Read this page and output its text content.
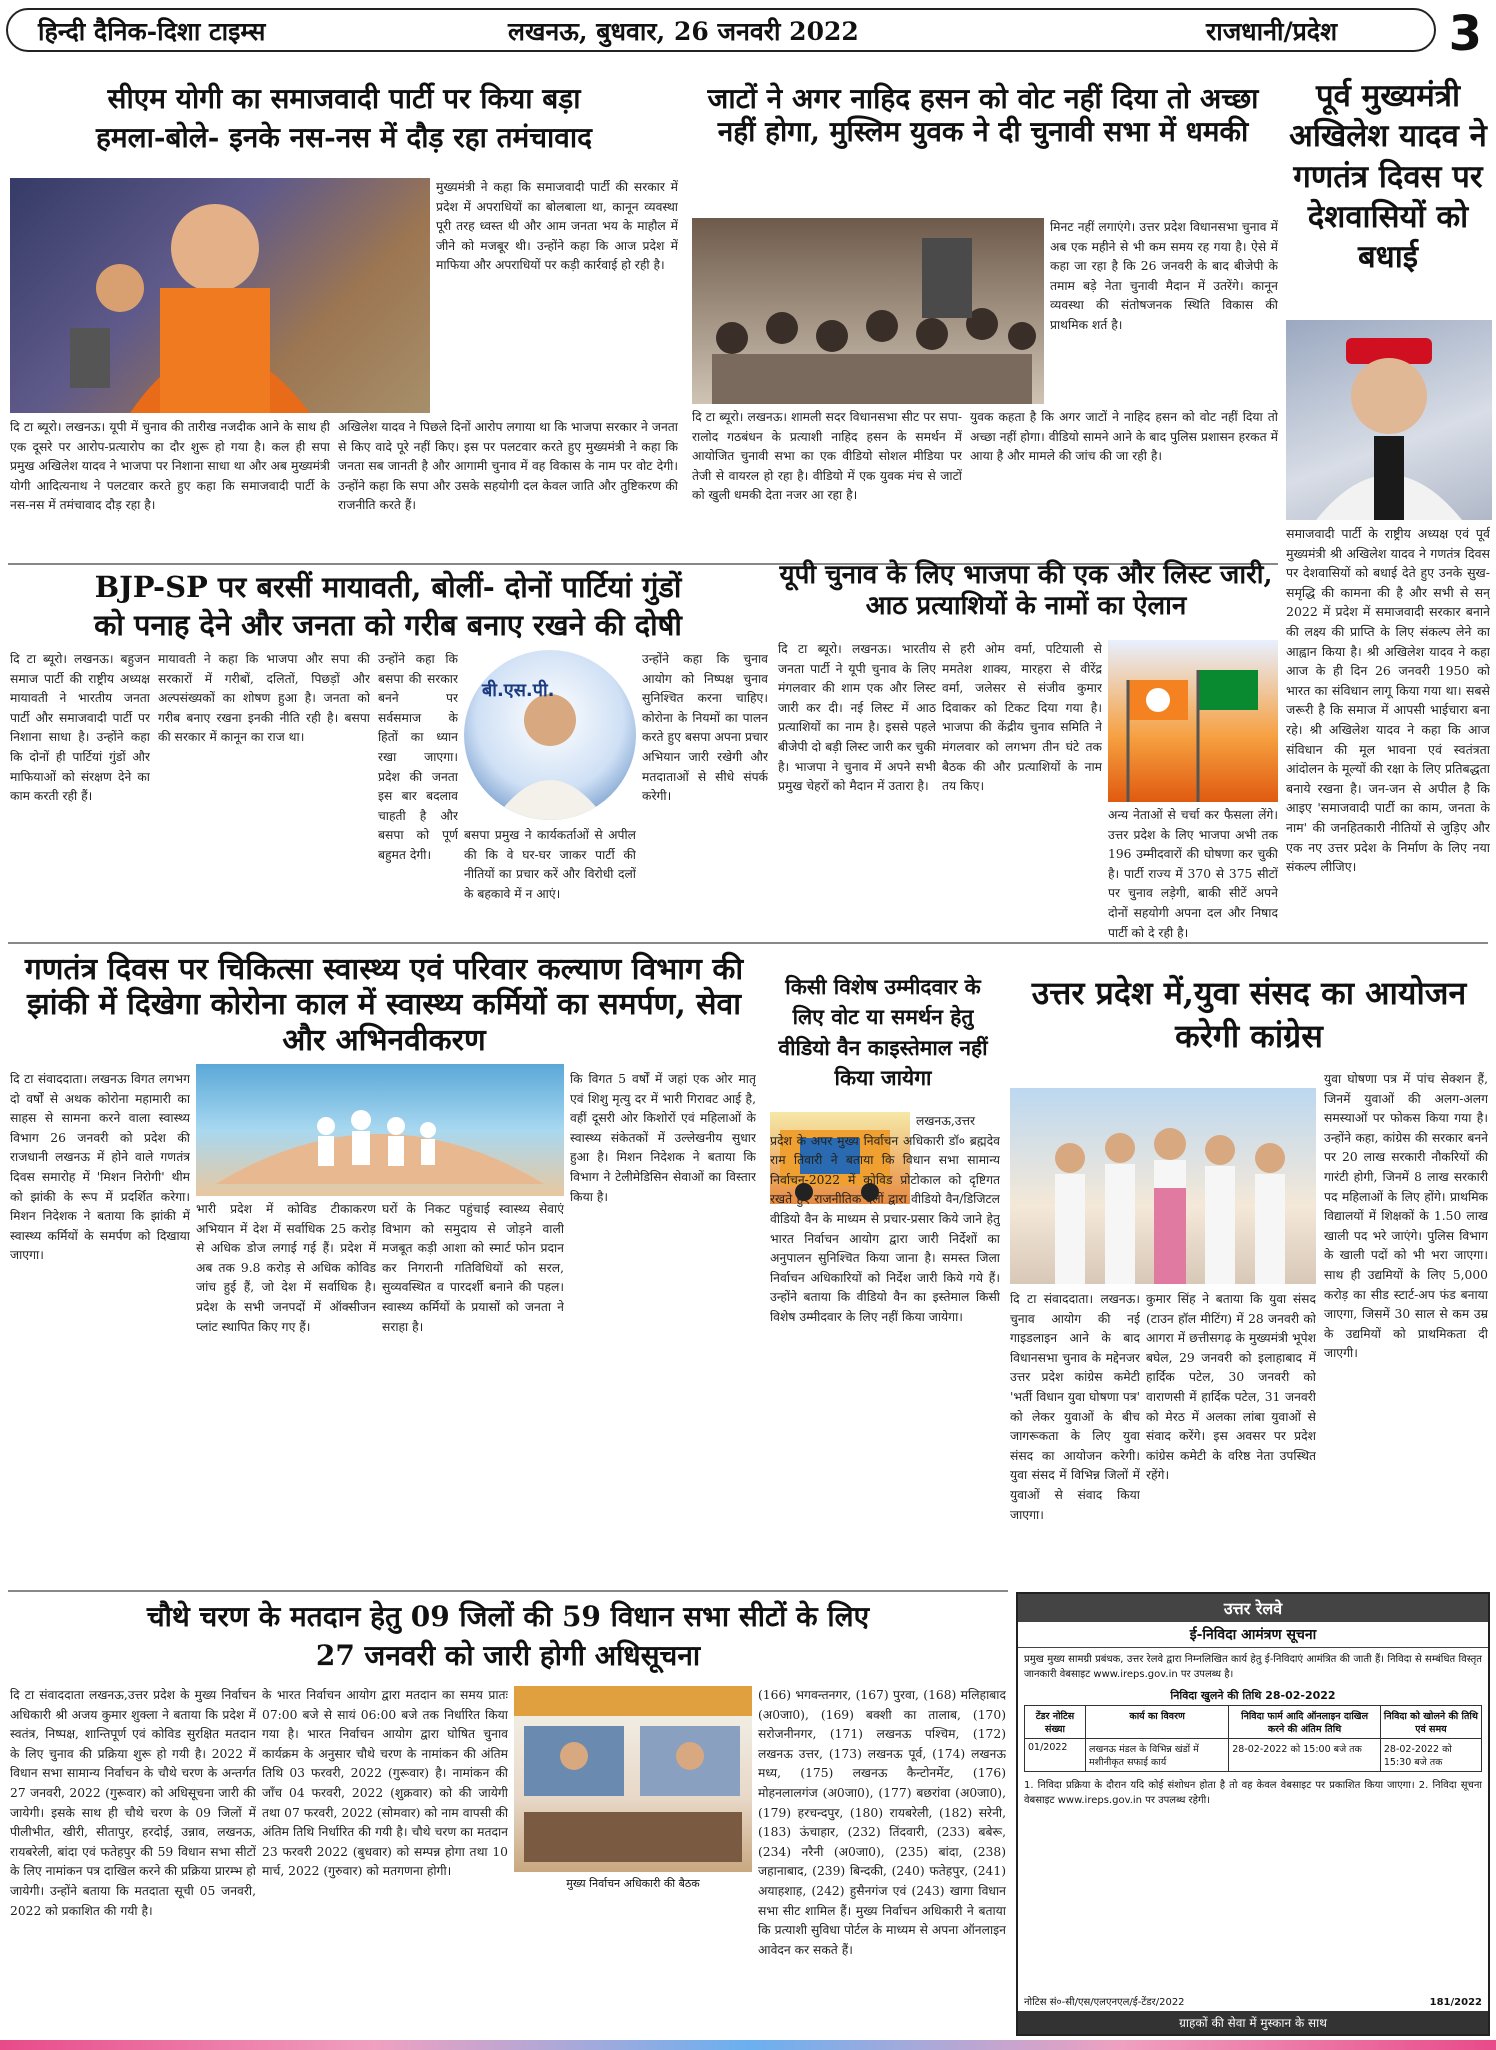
हिन्दी दैनिक-दिशा टाइम्स	लखनऊ, बुधवार, 26 जनवरी 2022	राजधानी/प्रदेश 3
सीएम योगी का समाजवादी पार्टी पर किया बड़ा
हमला-बोले- इनके नस-नस में दौड़ रहा तमंचावाद
मुख्यमंत्री ने कहा कि समाजवादी पार्टी की सरकार में प्रदेश में अपराधियों का बोलबाला था, कानून व्यवस्था पूरी तरह ध्वस्त थी और आम जनता भय के माहौल में जीने को मजबूर थी। उन्होंने कहा कि आज प्रदेश में माफिया और अपराधियों पर कड़ी कार्रवाई हो रही है।
दि टा ब्यूरो। लखनऊ। यूपी में चुनाव की तारीख नजदीक आने के साथ ही एक दूसरे पर आरोप-प्रत्यारोप का दौर शुरू हो गया है। कल ही सपा प्रमुख अखिलेश यादव ने भाजपा पर निशाना साधा था और अब मुख्यमंत्री योगी आदित्यनाथ ने पलटवार करते हुए कहा कि समाजवादी पार्टी के नस-नस में तमंचावाद दौड़ रहा है।
अखिलेश यादव ने पिछले दिनों आरोप लगाया था कि भाजपा सरकार ने जनता से किए वादे पूरे नहीं किए। इस पर पलटवार करते हुए मुख्यमंत्री ने कहा कि जनता सब जानती है और आगामी चुनाव में वह विकास के नाम पर वोट देगी। उन्होंने कहा कि सपा और उसके सहयोगी दल केवल जाति और तुष्टिकरण की राजनीति करते हैं।
जाटों ने अगर नाहिद हसन को वोट नहीं दिया तो अच्छा नहीं होगा, मुस्लिम युवक ने दी चुनावी सभा में धमकी
मिनट नहीं लगाएंगे। उत्तर प्रदेश विधानसभा चुनाव में अब एक महीने से भी कम समय रह गया है। ऐसे में कहा जा रहा है कि 26 जनवरी के बाद बीजेपी के तमाम बड़े नेता चुनावी मैदान में उतरेंगे। कानून व्यवस्था की संतोषजनक स्थिति विकास की प्राथमिक शर्त है।
दि टा ब्यूरो। लखनऊ। शामली सदर विधानसभा सीट पर सपा-रालोद गठबंधन के प्रत्याशी नाहिद हसन के समर्थन में आयोजित चुनावी सभा का एक वीडियो सोशल मीडिया पर तेजी से वायरल हो रहा है। वीडियो में एक युवक मंच से जाटों को खुली धमकी देता नजर आ रहा है।
युवक कहता है कि अगर जाटों ने नाहिद हसन को वोट नहीं दिया तो अच्छा नहीं होगा। वीडियो सामने आने के बाद पुलिस प्रशासन हरकत में आया है और मामले की जांच की जा रही है।
पूर्व मुख्यमंत्री अखिलेश यादव ने गणतंत्र दिवस पर देशवासियों को बधाई
समाजवादी पार्टी के राष्ट्रीय अध्यक्ष एवं पूर्व मुख्यमंत्री श्री अखिलेश यादव ने गणतंत्र दिवस पर देशवासियों को बधाई देते हुए उनके सुख-समृद्धि की कामना की है और सभी से सन् 2022 में प्रदेश में समाजवादी सरकार बनाने की लक्ष्य की प्राप्ति के लिए संकल्प लेने का आह्वान किया है। श्री अखिलेश यादव ने कहा आज के ही दिन 26 जनवरी 1950 को भारत का संविधान लागू किया गया था। सबसे जरूरी है कि समाज में आपसी भाईचारा बना रहे। श्री अखिलेश यादव ने कहा कि आज संविधान की मूल भावना एवं स्वतंत्रता आंदोलन के मूल्यों की रक्षा के लिए प्रतिबद्धता बनाये रखना है। जन-जन से अपील है कि आइए 'समाजवादी पार्टी का काम, जनता के नाम' की जनहितकारी नीतियों से जुड़िए और एक नए उत्तर प्रदेश के निर्माण के लिए नया संकल्प लीजिए।
BJP-SP पर बरसीं मायावती, बोलीं- दोनों पार्टियां गुंडों
को पनाह देने और जनता को गरीब बनाए रखने की दोषी
दि टा ब्यूरो। लखनऊ। बहुजन समाज पार्टी की राष्ट्रीय अध्यक्ष मायावती ने भारतीय जनता पार्टी और समाजवादी पार्टी पर निशाना साधा है। उन्होंने कहा कि दोनों ही पार्टियां गुंडों और माफियाओं को संरक्षण देने का काम करती रही हैं।
मायावती ने कहा कि भाजपा और सपा की सरकारों में गरीबों, दलितों, पिछड़ों और अल्पसंख्यकों का शोषण हुआ है। जनता को गरीब बनाए रखना इनकी नीति रही है। बसपा की सरकार में कानून का राज था।
उन्होंने कहा कि बसपा की सरकार बनने पर सर्वसमाज के हितों का ध्यान रखा जाएगा। प्रदेश की जनता इस बार बदलाव चाहती है और बसपा को पूर्ण बहुमत देगी।
बी.एस.पी.
बसपा प्रमुख ने कार्यकर्ताओं से अपील की कि वे घर-घर जाकर पार्टी की नीतियों का प्रचार करें और विरोधी दलों के बहकावे में न आएं।
उन्होंने कहा कि चुनाव आयोग को निष्पक्ष चुनाव सुनिश्चित करना चाहिए। कोरोना के नियमों का पालन करते हुए बसपा अपना प्रचार अभियान जारी रखेगी और मतदाताओं से सीधे संपर्क करेगी।
यूपी चुनाव के लिए भाजपा की एक और लिस्ट जारी, आठ प्रत्याशियों के नामों का ऐलान
दि टा ब्यूरो। लखनऊ। भारतीय जनता पार्टी ने यूपी चुनाव के लिए मंगलवार की शाम एक और लिस्ट जारी कर दी। नई लिस्ट में आठ प्रत्याशियों का नाम है। इससे पहले बीजेपी दो बड़ी लिस्ट जारी कर चुकी है। भाजपा ने चुनाव में अपने सभी प्रमुख चेहरों को मैदान में उतारा है।
से हरी ओम वर्मा, पटियाली से ममतेश शाक्य, मारहरा से वीरेंद्र वर्मा, जलेसर से संजीव कुमार दिवाकर को टिकट दिया गया है। भाजपा की केंद्रीय चुनाव समिति ने मंगलवार को लगभग तीन घंटे तक बैठक की और प्रत्याशियों के नाम तय किए।
अन्य नेताओं से चर्चा कर फैसला लेंगे। उत्तर प्रदेश के लिए भाजपा अभी तक 196 उम्मीदवारों की घोषणा कर चुकी है। पार्टी राज्य में 370 से 375 सीटों पर चुनाव लड़ेगी, बाकी सीटें अपने दोनों सहयोगी अपना दल और निषाद पार्टी को दे रही है।
गणतंत्र दिवस पर चिकित्सा स्वास्थ्य एवं परिवार कल्याण विभाग की झांकी में दिखेगा कोरोना काल में स्वास्थ्य कर्मियों का समर्पण, सेवा और अभिनवीकरण
दि टा संवाददाता। लखनऊ विगत लगभग दो वर्षों से अथक कोरोना महामारी का साहस से सामना करने वाला स्वास्थ्य विभाग 26 जनवरी को प्रदेश की राजधानी लखनऊ में होने वाले गणतंत्र दिवस समारोह में 'मिशन निरोगी' थीम को झांकी के रूप में प्रदर्शित करेगा। मिशन निदेशक ने बताया कि झांकी में स्वास्थ्य कर्मियों के समर्पण को दिखाया जाएगा।
भारी प्रदेश में कोविड टीकाकरण अभियान में देश में सर्वाधिक 25 करोड़ से अधिक डोज लगाई गई हैं। प्रदेश में अब तक 9.8 करोड़ से अधिक कोविड जांच हुई हैं, जो देश में सर्वाधिक है। प्रदेश के सभी जनपदों में ऑक्सीजन प्लांट स्थापित किए गए हैं।
घरों के निकट पहुंचाई स्वास्थ्य सेवाएं विभाग को समुदाय से जोड़ने वाली मजबूत कड़ी आशा को स्मार्ट फोन प्रदान कर निगरानी गतिविधियों को सरल, सुव्यवस्थित व पारदर्शी बनाने की पहल। स्वास्थ्य कर्मियों के प्रयासों को जनता ने सराहा है।
कि विगत 5 वर्षों में जहां एक ओर मातृ एवं शिशु मृत्यु दर में भारी गिरावट आई है, वहीं दूसरी ओर किशोरों एवं महिलाओं के स्वास्थ्य संकेतकों में उल्लेखनीय सुधार हुआ है। मिशन निदेशक ने बताया कि विभाग ने टेलीमेडिसिन सेवाओं का विस्तार किया है।
किसी विशेष उम्मीदवार के लिए वोट या समर्थन हेतु वीडियो वैन काइस्तेमाल नहीं किया जायेगा
लखनऊ,उत्तर प्रदेश के अपर मुख्य निर्वाचन अधिकारी डॉ० ब्रह्मदेव राम तिवारी ने बताया कि विधान सभा सामान्य निर्वाचन-2022 में कोविड प्रोटोकाल को दृष्टिगत रखते हुए राजनीतिक दलों द्वारा वीडियो वैन/डिजिटल वीडियो वैन के माध्यम से प्रचार-प्रसार किये जाने हेतु भारत निर्वाचन आयोग द्वारा जारी निर्देशों का अनुपालन सुनिश्चित किया जाना है। समस्त जिला निर्वाचन अधिकारियों को निर्देश जारी किये गये हैं। उन्होंने बताया कि वीडियो वैन का इस्तेमाल किसी विशेष उम्मीदवार के लिए नहीं किया जायेगा।
उत्तर प्रदेश में,युवा संसद का आयोजन करेगी कांग्रेस
युवा घोषणा पत्र में पांच सेक्शन हैं, जिनमें युवाओं की अलग-अलग समस्याओं पर फोकस किया गया है। उन्होंने कहा, कांग्रेस की सरकार बनने पर 20 लाख सरकारी नौकरियों की गारंटी होगी, जिनमें 8 लाख सरकारी पद महिलाओं के लिए होंगे। प्राथमिक विद्यालयों में शिक्षकों के 1.50 लाख खाली पद भरे जाएंगे। पुलिस विभाग के खाली पदों को भी भरा जाएगा। साथ ही उद्यमियों के लिए 5,000 करोड़ का सीड स्टार्ट-अप फंड बनाया जाएगा, जिसमें 30 साल से कम उम्र के उद्यमियों को प्राथमिकता दी जाएगी।
दि टा संवाददाता। लखनऊ। चुनाव आयोग की नई गाइडलाइन आने के बाद विधानसभा चुनाव के मद्देनजर उत्तर प्रदेश कांग्रेस कमेटी 'भर्ती विधान युवा घोषणा पत्र' को लेकर युवाओं के बीच जागरूकता के लिए युवा संसद का आयोजन करेगी। युवा संसद में विभिन्न जिलों में युवाओं से संवाद किया जाएगा।
कुमार सिंह ने बताया कि युवा संसद (टाउन हॉल मीटिंग) में 28 जनवरी को आगरा में छत्तीसगढ़ के मुख्यमंत्री भूपेश बघेल, 29 जनवरी को इलाहाबाद में हार्दिक पटेल, 30 जनवरी को वाराणसी में हार्दिक पटेल, 31 जनवरी को मेरठ में अलका लांबा युवाओं से संवाद करेंगे। इस अवसर पर प्रदेश कांग्रेस कमेटी के वरिष्ठ नेता उपस्थित रहेंगे।
चौथे चरण के मतदान हेतु 09 जिलों की 59 विधान सभा सीटों के लिए
27 जनवरी को जारी होगी अधिसूचना
दि टा संवाददाता लखनऊ,उत्तर प्रदेश के मुख्य निर्वाचन अधिकारी श्री अजय कुमार शुक्ला ने बताया कि प्रदेश में स्वतंत्र, निष्पक्ष, शान्तिपूर्ण एवं कोविड सुरक्षित मतदान के लिए चुनाव की प्रक्रिया शुरू हो गयी है। 2022 में विधान सभा सामान्य निर्वाचन के चौथे चरण के अन्तर्गत 27 जनवरी, 2022 (गुरूवार) को अधिसूचना जारी की जायेगी। इसके साथ ही चौथे चरण के 09 जिलों में पीलीभीत, खीरी, सीतापुर, हरदोई, उन्नाव, लखनऊ, रायबरेली, बांदा एवं फतेहपुर की 59 विधान सभा सीटों के लिए नामांकन पत्र दाखिल करने की प्रक्रिया प्रारम्भ हो जायेगी। उन्होंने बताया कि मतदाता सूची 05 जनवरी, 2022 को प्रकाशित की गयी है।
के भारत निर्वाचन आयोग द्वारा मतदान का समय प्रातः 07:00 बजे से सायं 06:00 बजे तक निर्धारित किया गया है। भारत निर्वाचन आयोग द्वारा घोषित चुनाव कार्यक्रम के अनुसार चौथे चरण के नामांकन की अंतिम तिथि 03 फरवरी, 2022 (गुरूवार) है। नामांकन की जाँच 04 फरवरी, 2022 (शुक्रवार) को की जायेगी तथा 07 फरवरी, 2022 (सोमवार) को नाम वापसी की अंतिम तिथि निर्धारित की गयी है। चौथे चरण का मतदान 23 फरवरी 2022 (बुधवार) को सम्पन्न होगा तथा 10 मार्च, 2022 (गुरुवार) को मतगणना होगी।
मुख्य निर्वाचन अधिकारी की बैठक
(166) भगवन्तनगर, (167) पुरवा, (168) मलिहाबाद (अ0जा0), (169) बक्शी का तालाब, (170) सरोजनीनगर, (171) लखनऊ पश्चिम, (172) लखनऊ उत्तर, (173) लखनऊ पूर्व, (174) लखनऊ मध्य, (175) लखनऊ कैन्टोनमेंट, (176) मोहनलालगंज (अ0जा0), (177) बछरांवा (अ0जा0), (179) हरचन्दपुर, (180) रायबरेली, (182) सरेनी, (183) ऊंचाहार, (232) तिंदवारी, (233) बबेरू, (234) नरैनी (अ0जा0), (235) बांदा, (238) जहानाबाद, (239) बिन्दकी, (240) फतेहपुर, (241) अयाहशाह, (242) हुसैनगंज एवं (243) खागा विधान सभा सीट शामिल हैं। मुख्य निर्वाचन अधिकारी ने बताया कि प्रत्याशी सुविधा पोर्टल के माध्यम से अपना ऑनलाइन आवेदन कर सकते हैं।
उत्तर रेलवे
ई-निविदा आमंत्रण सूचना
प्रमुख मुख्य सामग्री प्रबंधक, उत्तर रेलवे द्वारा निम्नलिखित कार्य हेतु ई-निविदाएं आमंत्रित की जाती हैं। निविदा से सम्बंधित विस्तृत जानकारी वेबसाइट www.ireps.gov.in पर उपलब्ध है।
निविदा खुलने की तिथि 28-02-2022
टेंडर नोटिस संख्या	कार्य का विवरण	निविदा फार्म आदि ऑनलाइन दाखिल करने की अंतिम तिथि	निविदा को खोलने की तिथि एवं समय
01/2022	लखनऊ मंडल के विभिन्न खंडों में मशीनीकृत सफाई कार्य	28-02-2022 को 15:00 बजे तक	28-02-2022 को 15:30 बजे तक
1. निविदा प्रक्रिया के दौरान यदि कोई संशोधन होता है तो वह केवल वेबसाइट पर प्रकाशित किया जाएगा। 2. निविदा सूचना वेबसाइट www.ireps.gov.in पर उपलब्ध रहेगी।
नोटिस सं०-सी/एस/एलएनएल/ई-टेंडर/2022	181/2022
ग्राहकों की सेवा में मुस्कान के साथ
